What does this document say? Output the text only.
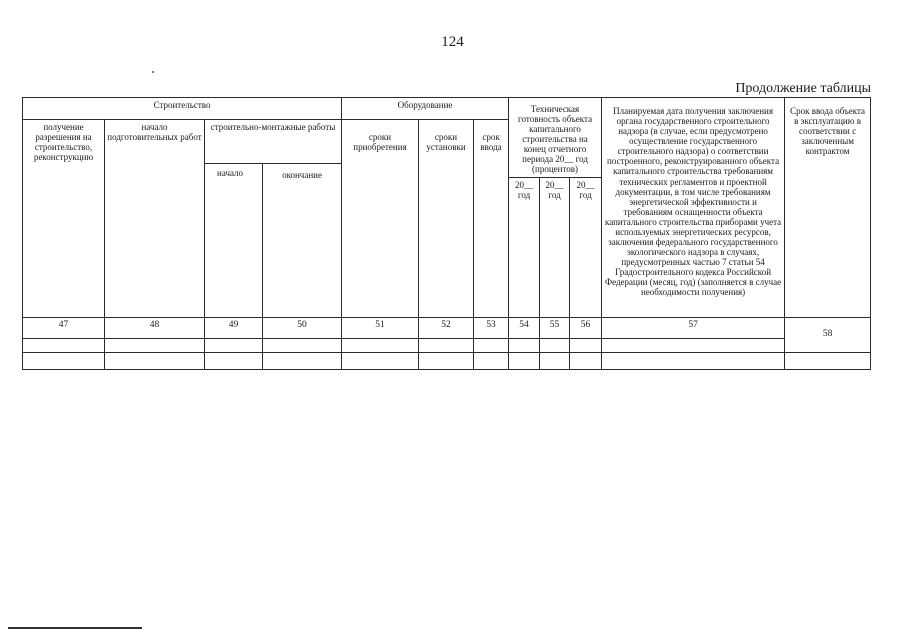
124
Продолжение таблицы
Строительство				Оборудование			Техническая готовность объекта капитального строительства на конец отчетного периода 20__ год (процентов)			Планируемая дата получения заключения органа государственного строительного надзора (в случае, если предусмотрено осуществление государственного строительного надзора) о соответствии построенного, реконструированного объекта капитального строительства требованиям технических регламентов и проектной документации, в том числе требованиям энергетической эффективности и требованиям оснащенности объекта капитального строительства приборами учета используемых энергетических ресурсов, заключения федерального государственного экологического надзора в случаях, предусмотренных частью 7 статьи 54 Градостроительного кодекса Российской Федерации (месяц, год) (заполняется в случае необходимости получения)	Срок ввода объекта в эксплуатацию в соответствии с заключенным контрактом

получение разрешения на строительство, реконструкцию	начало подготовительных работ	строительно-монтажные работы		сроки приобретения	сроки установки	срок ввода					

		начало	окончание								
							20__ год	20__ год	20__ год		
47	48	49	50	51	52	53	54	55	56	57	58
